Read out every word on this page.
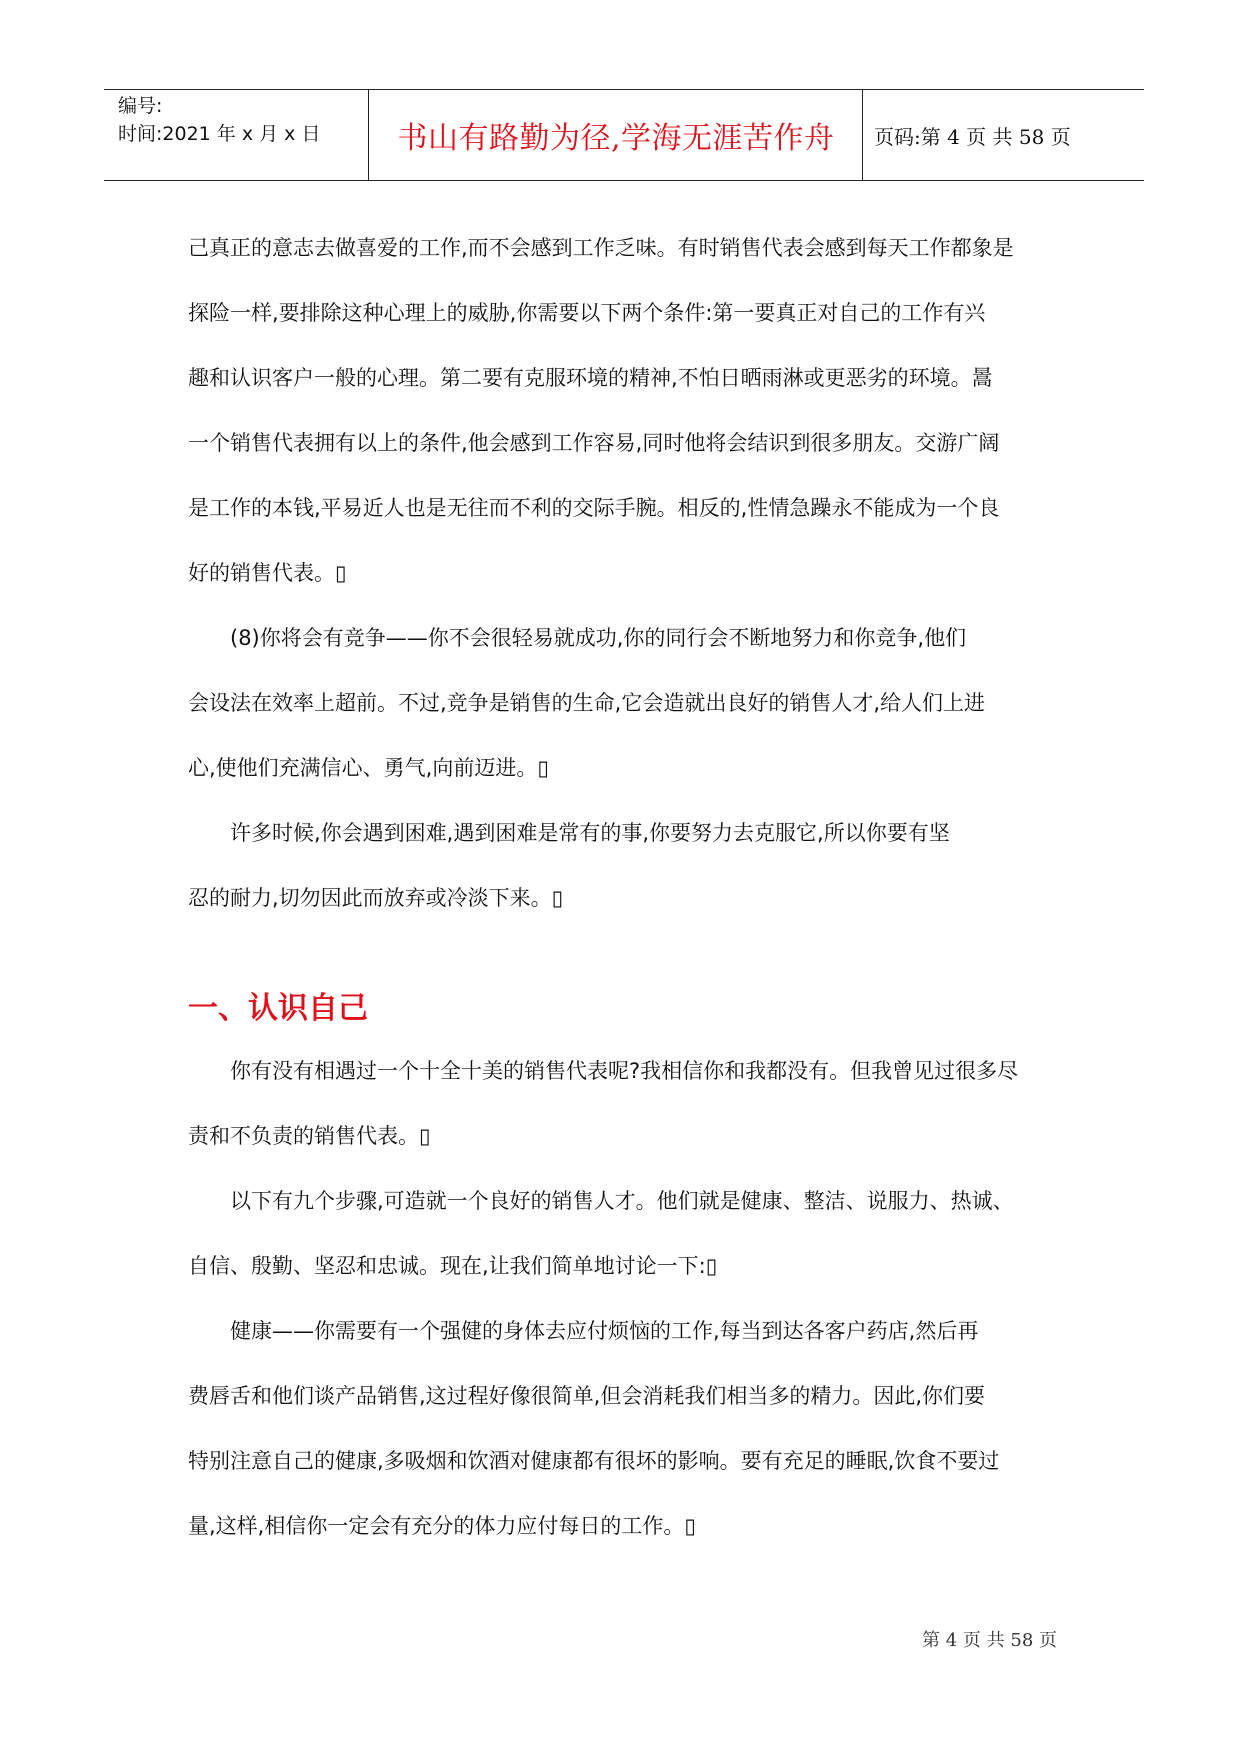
编号:
时间:2021 年 x 月 x 日	书山有路勤为径,学海无涯苦作舟	页码:第 4 页 共 58 页
己真正的意志去做喜爱的工作,而不会感到工作乏味。有时销售代表会感到每天工作都象是
探险一样,要排除这种心理上的威胁,你需要以下两个条件:第一要真正对自己的工作有兴
趣和认识客户一般的心理。第二要有克服环境的精神,不怕日晒雨淋或更恶劣的环境。暠
一个销售代表拥有以上的条件,他会感到工作容易,同时他将会结识到很多朋友。交游广阔
是工作的本钱,平易近人也是无往而不利的交际手腕。相反的,性情急躁永不能成为一个良
好的销售代表。▯
(8)你将会有竞争——你不会很轻易就成功,你的同行会不断地努力和你竞争,他们
会设法在效率上超前。不过,竞争是销售的生命,它会造就出良好的销售人才,给人们上进
心,使他们充满信心、勇气,向前迈进。▯
许多时候,你会遇到困难,遇到困难是常有的事,你要努力去克服它,所以你要有坚
忍的耐力,切勿因此而放弃或冷淡下来。▯
一、认识自己
你有没有相遇过一个十全十美的销售代表呢?我相信你和我都没有。但我曾见过很多尽
责和不负责的销售代表。▯
以下有九个步骤,可造就一个良好的销售人才。他们就是健康、整洁、说服力、热诚、
自信、殷勤、坚忍和忠诚。现在,让我们简单地讨论一下:▯
健康——你需要有一个强健的身体去应付烦恼的工作,每当到达各客户药店,然后再
费唇舌和他们谈产品销售,这过程好像很简单,但会消耗我们相当多的精力。因此,你们要
特别注意自己的健康,多吸烟和饮酒对健康都有很坏的影响。要有充足的睡眠,饮食不要过
量,这样,相信你一定会有充分的体力应付每日的工作。▯
第 4 页 共 58 页
